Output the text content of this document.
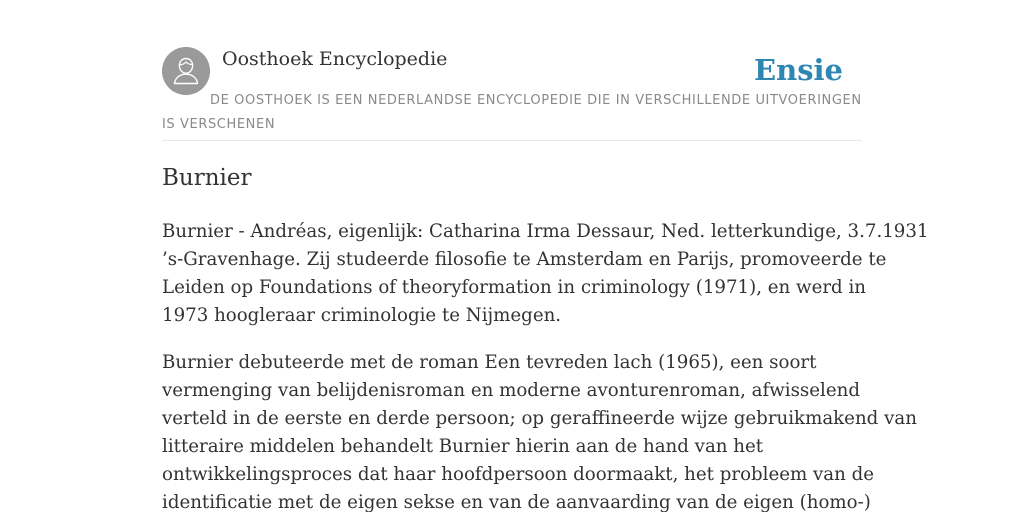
Oosthoek Encyclopedie	Ensie
DE OOSTHOEK IS EEN NEDERLANDSE ENCYCLOPEDIE DIE IN VERSCHILLENDE UITVOERINGEN IS VERSCHENEN
Burnier

Burnier - Andréas, eigenlijk: Catharina Irma Dessaur, Ned. letterkundige, 3.7.1931
’s-Gravenhage. Zij studeerde filosofie te Amsterdam en Parijs, promoveerde te
Leiden op Foundations of theoryformation in criminology (1971), en werd in
1973 hoogleraar criminologie te Nijmegen.

Burnier debuteerde met de roman Een tevreden lach (1965), een soort
vermenging van belijdenisroman en moderne avonturenroman, afwisselend
verteld in de eerste en derde persoon; op geraffineerde wijze gebruikmakend van
litteraire middelen behandelt Burnier hierin aan de hand van het
ontwikkelingsproces dat haar hoofdpersoon doormaakt, het probleem van de
identificatie met de eigen sekse en van de aanvaarding van de eigen (homo-)
